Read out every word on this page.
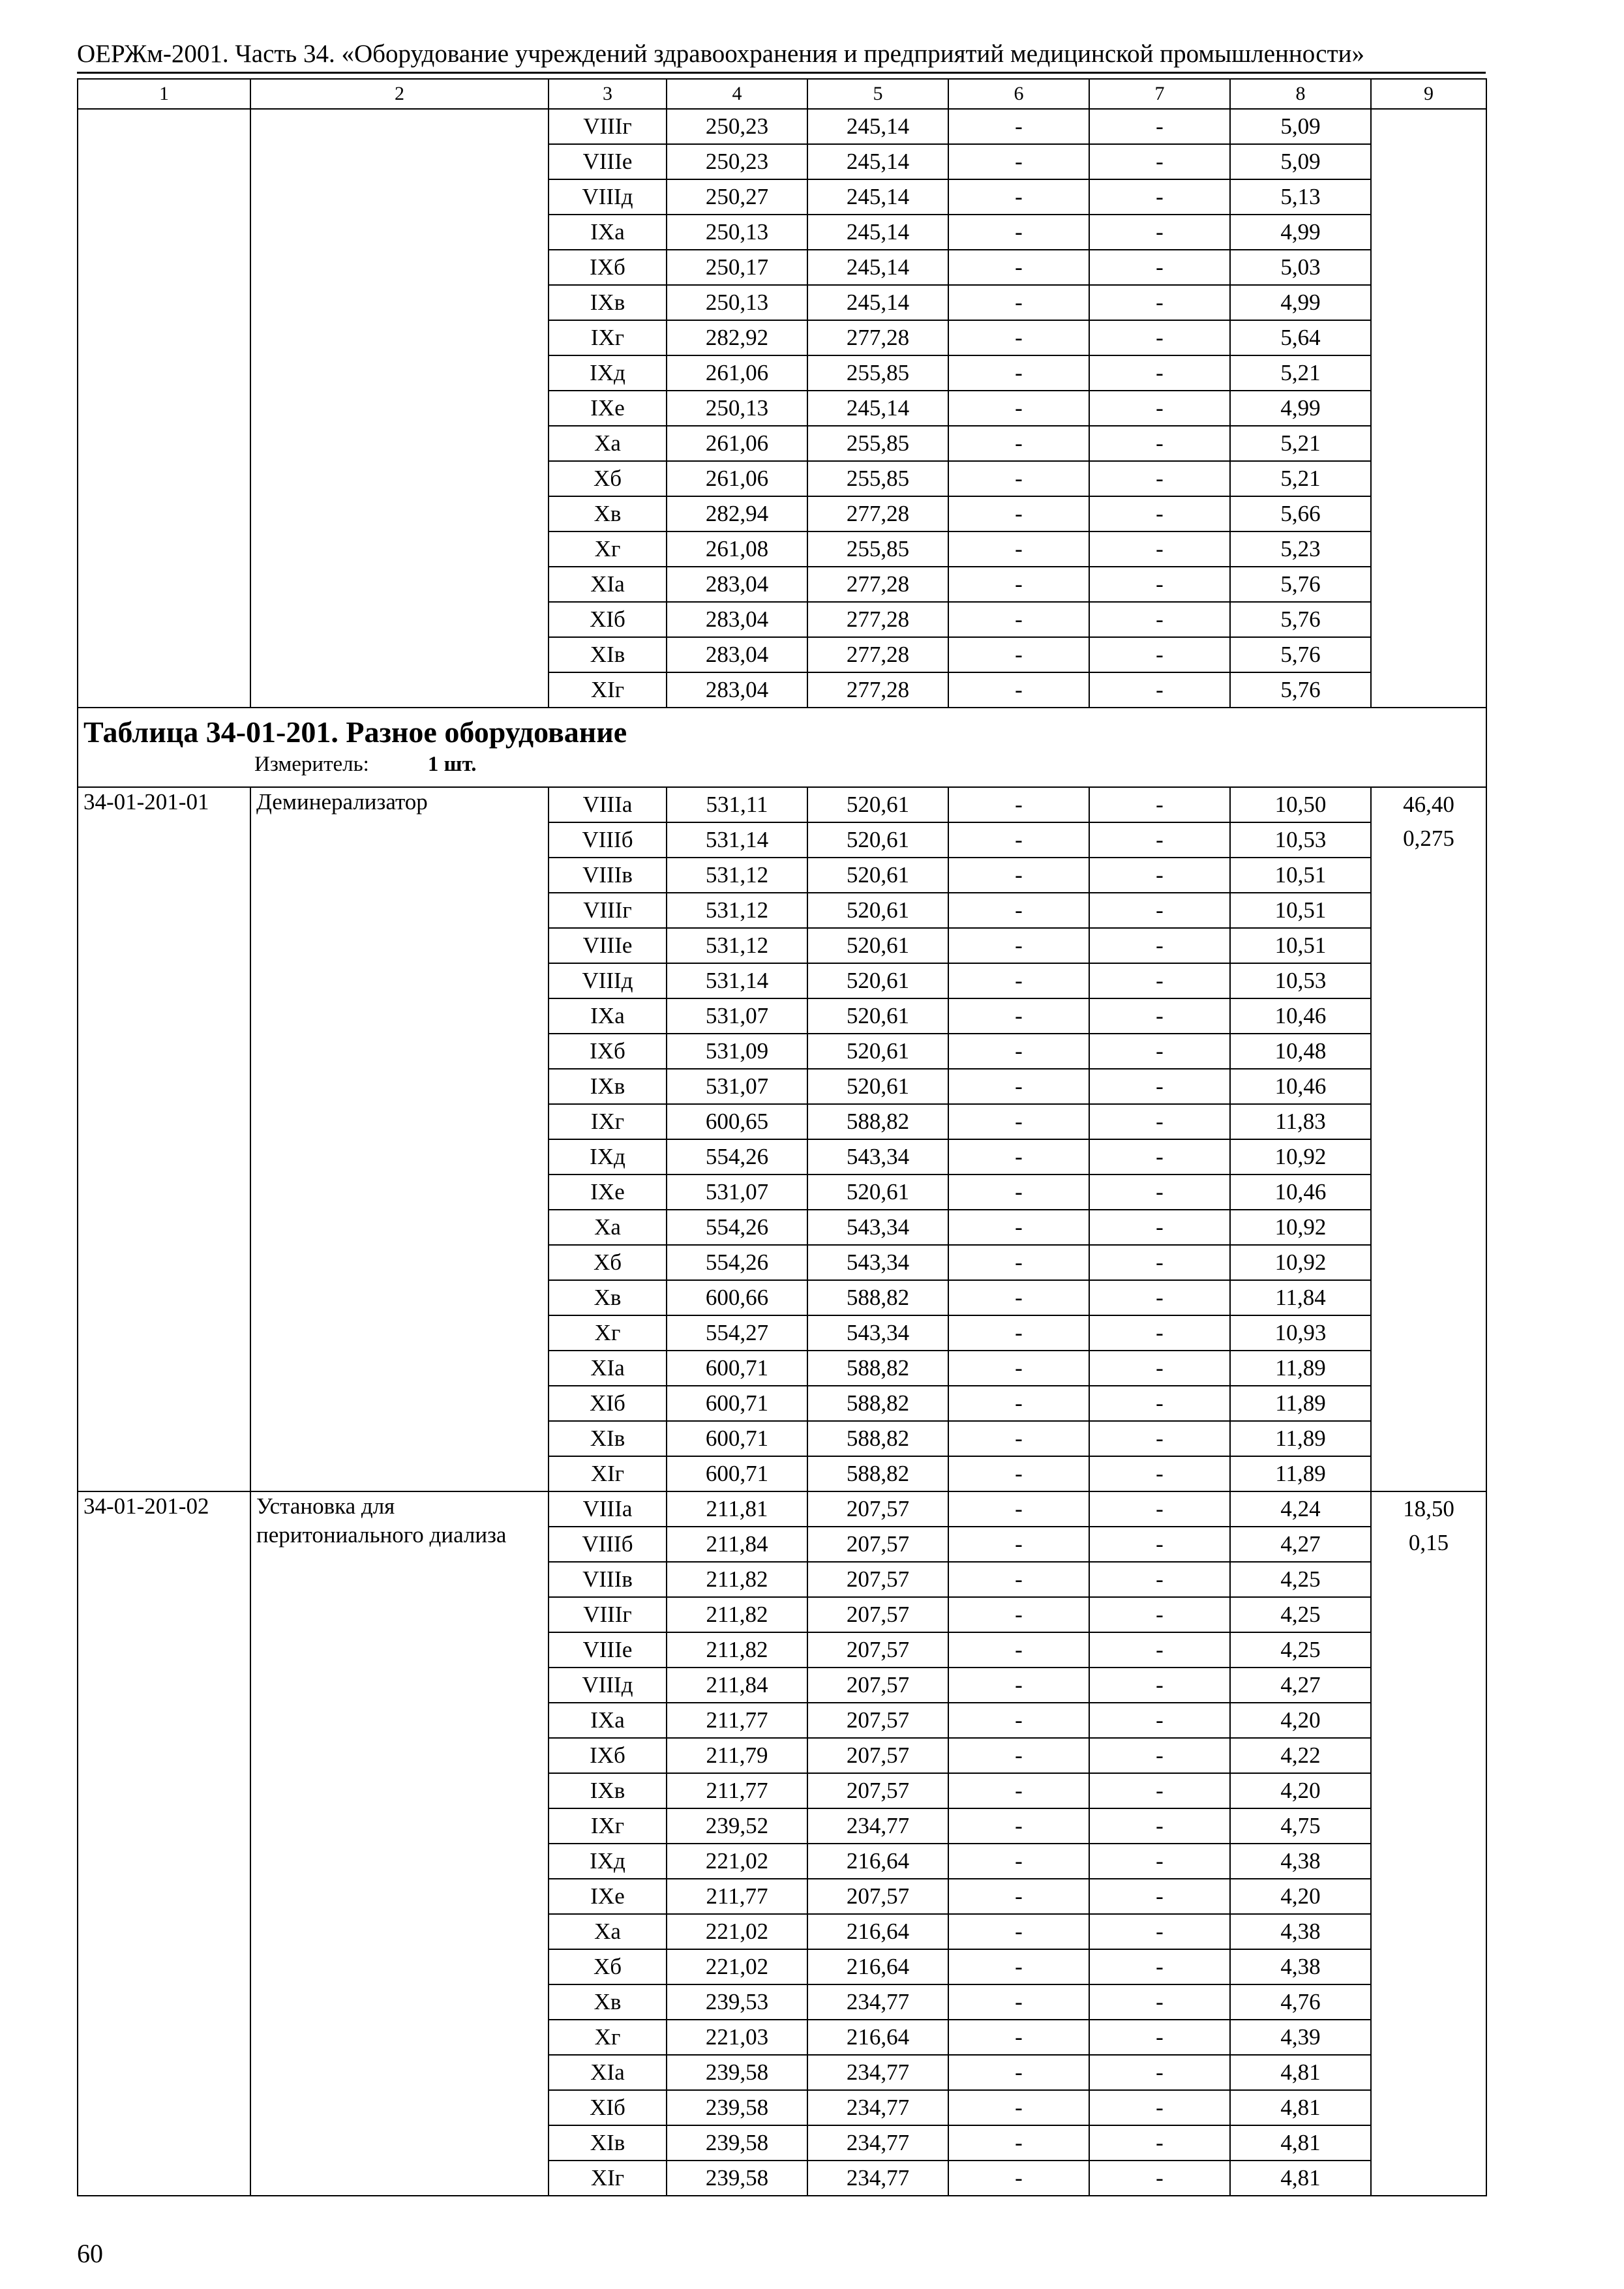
ОЕРЖм-2001. Часть 34. «Оборудование учреждений здравоохранения и предприятий медицинской промышленности»
1	2	3	4	5	6	7	8	9
		VIIIг	250,23	245,14	-	-	5,09	
		VIIIе	250,23	245,14	-	-	5,09	
		VIIIд	250,27	245,14	-	-	5,13	
		IXа	250,13	245,14	-	-	4,99	
		IXб	250,17	245,14	-	-	5,03	
		IXв	250,13	245,14	-	-	4,99	
		IXг	282,92	277,28	-	-	5,64	
		IXд	261,06	255,85	-	-	5,21	
		IXе	250,13	245,14	-	-	4,99	
		Xа	261,06	255,85	-	-	5,21	
		Xб	261,06	255,85	-	-	5,21	
		Xв	282,94	277,28	-	-	5,66	
		Xг	261,08	255,85	-	-	5,23	
		XIа	283,04	277,28	-	-	5,76	
		XIб	283,04	277,28	-	-	5,76	
		XIв	283,04	277,28	-	-	5,76	
		XIг	283,04	277,28	-	-	5,76	

Таблица 34-01-201. Разное оборудование
Измеритель: 1 шт.								

34-01-201-01	Деминерализатор	VIIIа	531,11	520,61	-	-	10,50	46,40
0,275

		VIIIб	531,14	520,61	-	-	10,53	
		VIIIв	531,12	520,61	-	-	10,51	
		VIIIг	531,12	520,61	-	-	10,51	
		VIIIе	531,12	520,61	-	-	10,51	
		VIIIд	531,14	520,61	-	-	10,53	
		IXа	531,07	520,61	-	-	10,46	
		IXб	531,09	520,61	-	-	10,48	
		IXв	531,07	520,61	-	-	10,46	
		IXг	600,65	588,82	-	-	11,83	
		IXд	554,26	543,34	-	-	10,92	
		IXе	531,07	520,61	-	-	10,46	
		Xа	554,26	543,34	-	-	10,92	
		Xб	554,26	543,34	-	-	10,92	
		Xв	600,66	588,82	-	-	11,84	
		Xг	554,27	543,34	-	-	10,93	
		XIа	600,71	588,82	-	-	11,89	
		XIб	600,71	588,82	-	-	11,89	
		XIв	600,71	588,82	-	-	11,89	
		XIг	600,71	588,82	-	-	11,89	
34-01-201-02	Установка для перитониального диализа	VIIIа	211,81	207,57	-	-	4,24	18,50
0,15

		VIIIб	211,84	207,57	-	-	4,27	
		VIIIв	211,82	207,57	-	-	4,25	
		VIIIг	211,82	207,57	-	-	4,25	
		VIIIе	211,82	207,57	-	-	4,25	
		VIIIд	211,84	207,57	-	-	4,27	
		IXа	211,77	207,57	-	-	4,20	
		IXб	211,79	207,57	-	-	4,22	
		IXв	211,77	207,57	-	-	4,20	
		IXг	239,52	234,77	-	-	4,75	
		IXд	221,02	216,64	-	-	4,38	
		IXе	211,77	207,57	-	-	4,20	
		Xа	221,02	216,64	-	-	4,38	
		Xб	221,02	216,64	-	-	4,38	
		Xв	239,53	234,77	-	-	4,76	
		Xг	221,03	216,64	-	-	4,39	
		XIа	239,58	234,77	-	-	4,81	
		XIб	239,58	234,77	-	-	4,81	
		XIв	239,58	234,77	-	-	4,81	
		XIг	239,58	234,77	-	-	4,81	
60
